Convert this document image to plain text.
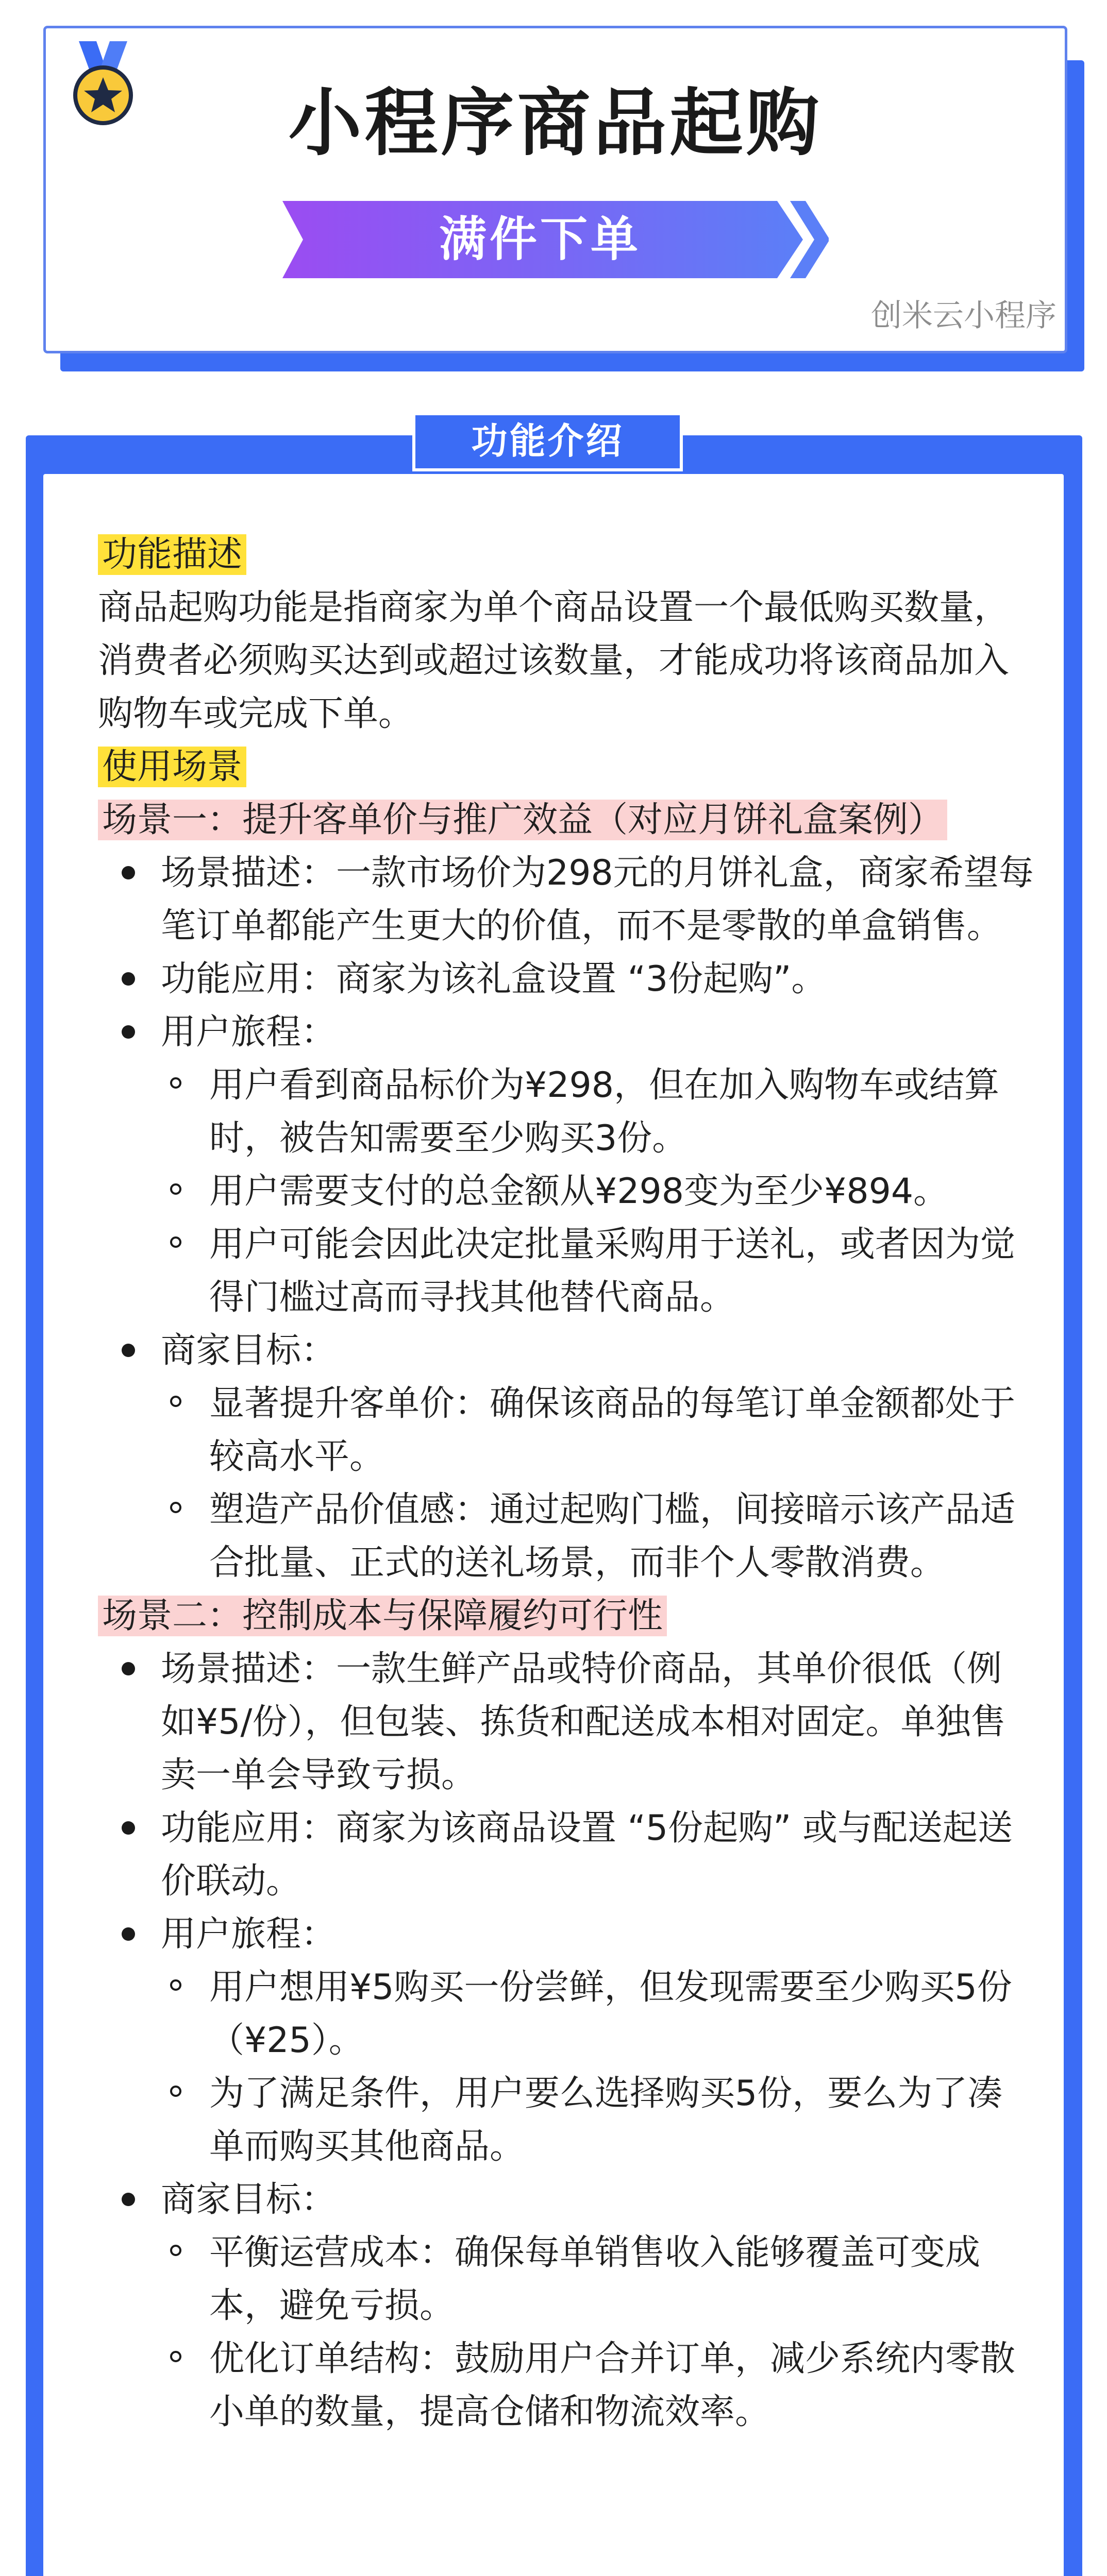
小程序商品起购
满件下单
创米云小程序
功能介绍

功能描述

商品起购功能是指商家为单个商品设置一个最低购买数量，消费者必须购买达到或超过该数量，才能成功将该商品加入购物车或完成下单。

使用场景

场景一：提升客单价与推广效益（对应月饼礼盒案例）

场景描述：一款市场价为298元的月饼礼盒，商家希望每笔订单都能产生更大的价值，而不是零散的单盒销售。
功能应用：商家为该礼盒设置 “3份起购”。
用户旅程：
用户看到商品标价为¥298，但在加入购物车或结算时，被告知需要至少购买3份。
用户需要支付的总金额从¥298变为至少¥894。
用户可能会因此决定批量采购用于送礼，或者因为觉得门槛过高而寻找其他替代商品。
商家目标：
显著提升客单价：确保该商品的每笔订单金额都处于较高水平。
塑造产品价值感：通过起购门槛，间接暗示该产品适合批量、正式的送礼场景，而非个人零散消费。

场景二：控制成本与保障履约可行性

场景描述：一款生鲜产品或特价商品，其单价很低（例如¥5/份），但包装、拣货和配送成本相对固定。单独售卖一单会导致亏损。
功能应用：商家为该商品设置 “5份起购” 或与配送起送价联动。
用户旅程：
用户想用¥5购买一份尝鲜，但发现需要至少购买5份（¥25）。
为了满足条件，用户要么选择购买5份，要么为了凑单而购买其他商品。
商家目标：
平衡运营成本：确保每单销售收入能够覆盖可变成本，避免亏损。
优化订单结构：鼓励用户合并订单，减少系统内零散小单的数量，提高仓储和物流效率。
